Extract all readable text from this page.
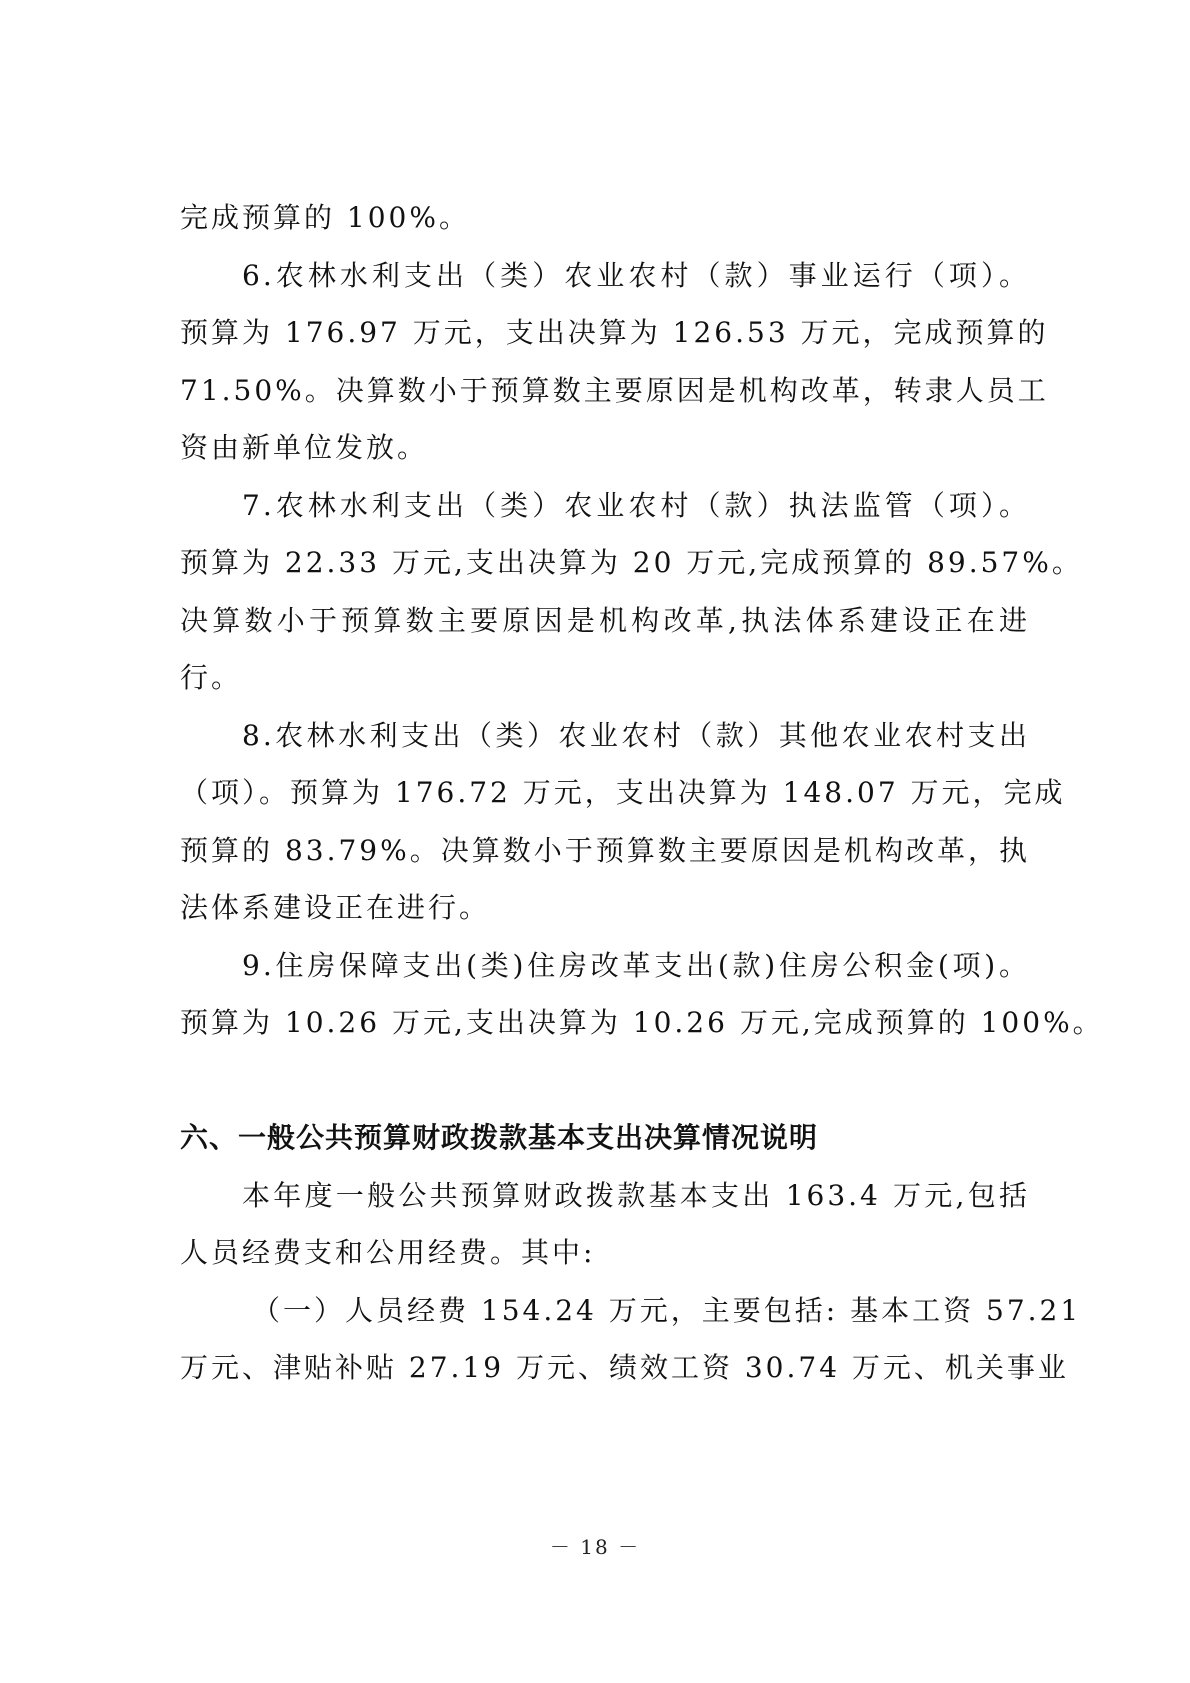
完成预算的 100%。
6.农林水利支出（类）农业农村（款）事业运行（项）。
预算为 176.97 万元，支出决算为 126.53 万元，完成预算的
71.50%。决算数小于预算数主要原因是机构改革，转隶人员工
资由新单位发放。
7.农林水利支出（类）农业农村（款）执法监管（项）。
预算为 22.33 万元,支出决算为 20 万元,完成预算的 89.57%。
决算数小于预算数主要原因是机构改革,执法体系建设正在进
行。
8.农林水利支出（类）农业农村（款）其他农业农村支出
（项）。预算为 176.72 万元，支出决算为 148.07 万元，完成
预算的 83.79%。决算数小于预算数主要原因是机构改革，执
法体系建设正在进行。
9.住房保障支出(类)住房改革支出(款)住房公积金(项)。
预算为 10.26 万元,支出决算为 10.26 万元,完成预算的 100%。
六、一般公共预算财政拨款基本支出决算情况说明
本年度一般公共预算财政拨款基本支出 163.4 万元,包括
人员经费支和公用经费。其中:
（一）人员经费 154.24 万元，主要包括: 基本工资 57.21
万元、津贴补贴 27.19 万元、绩效工资 30.74 万元、机关事业
－ 18 －
